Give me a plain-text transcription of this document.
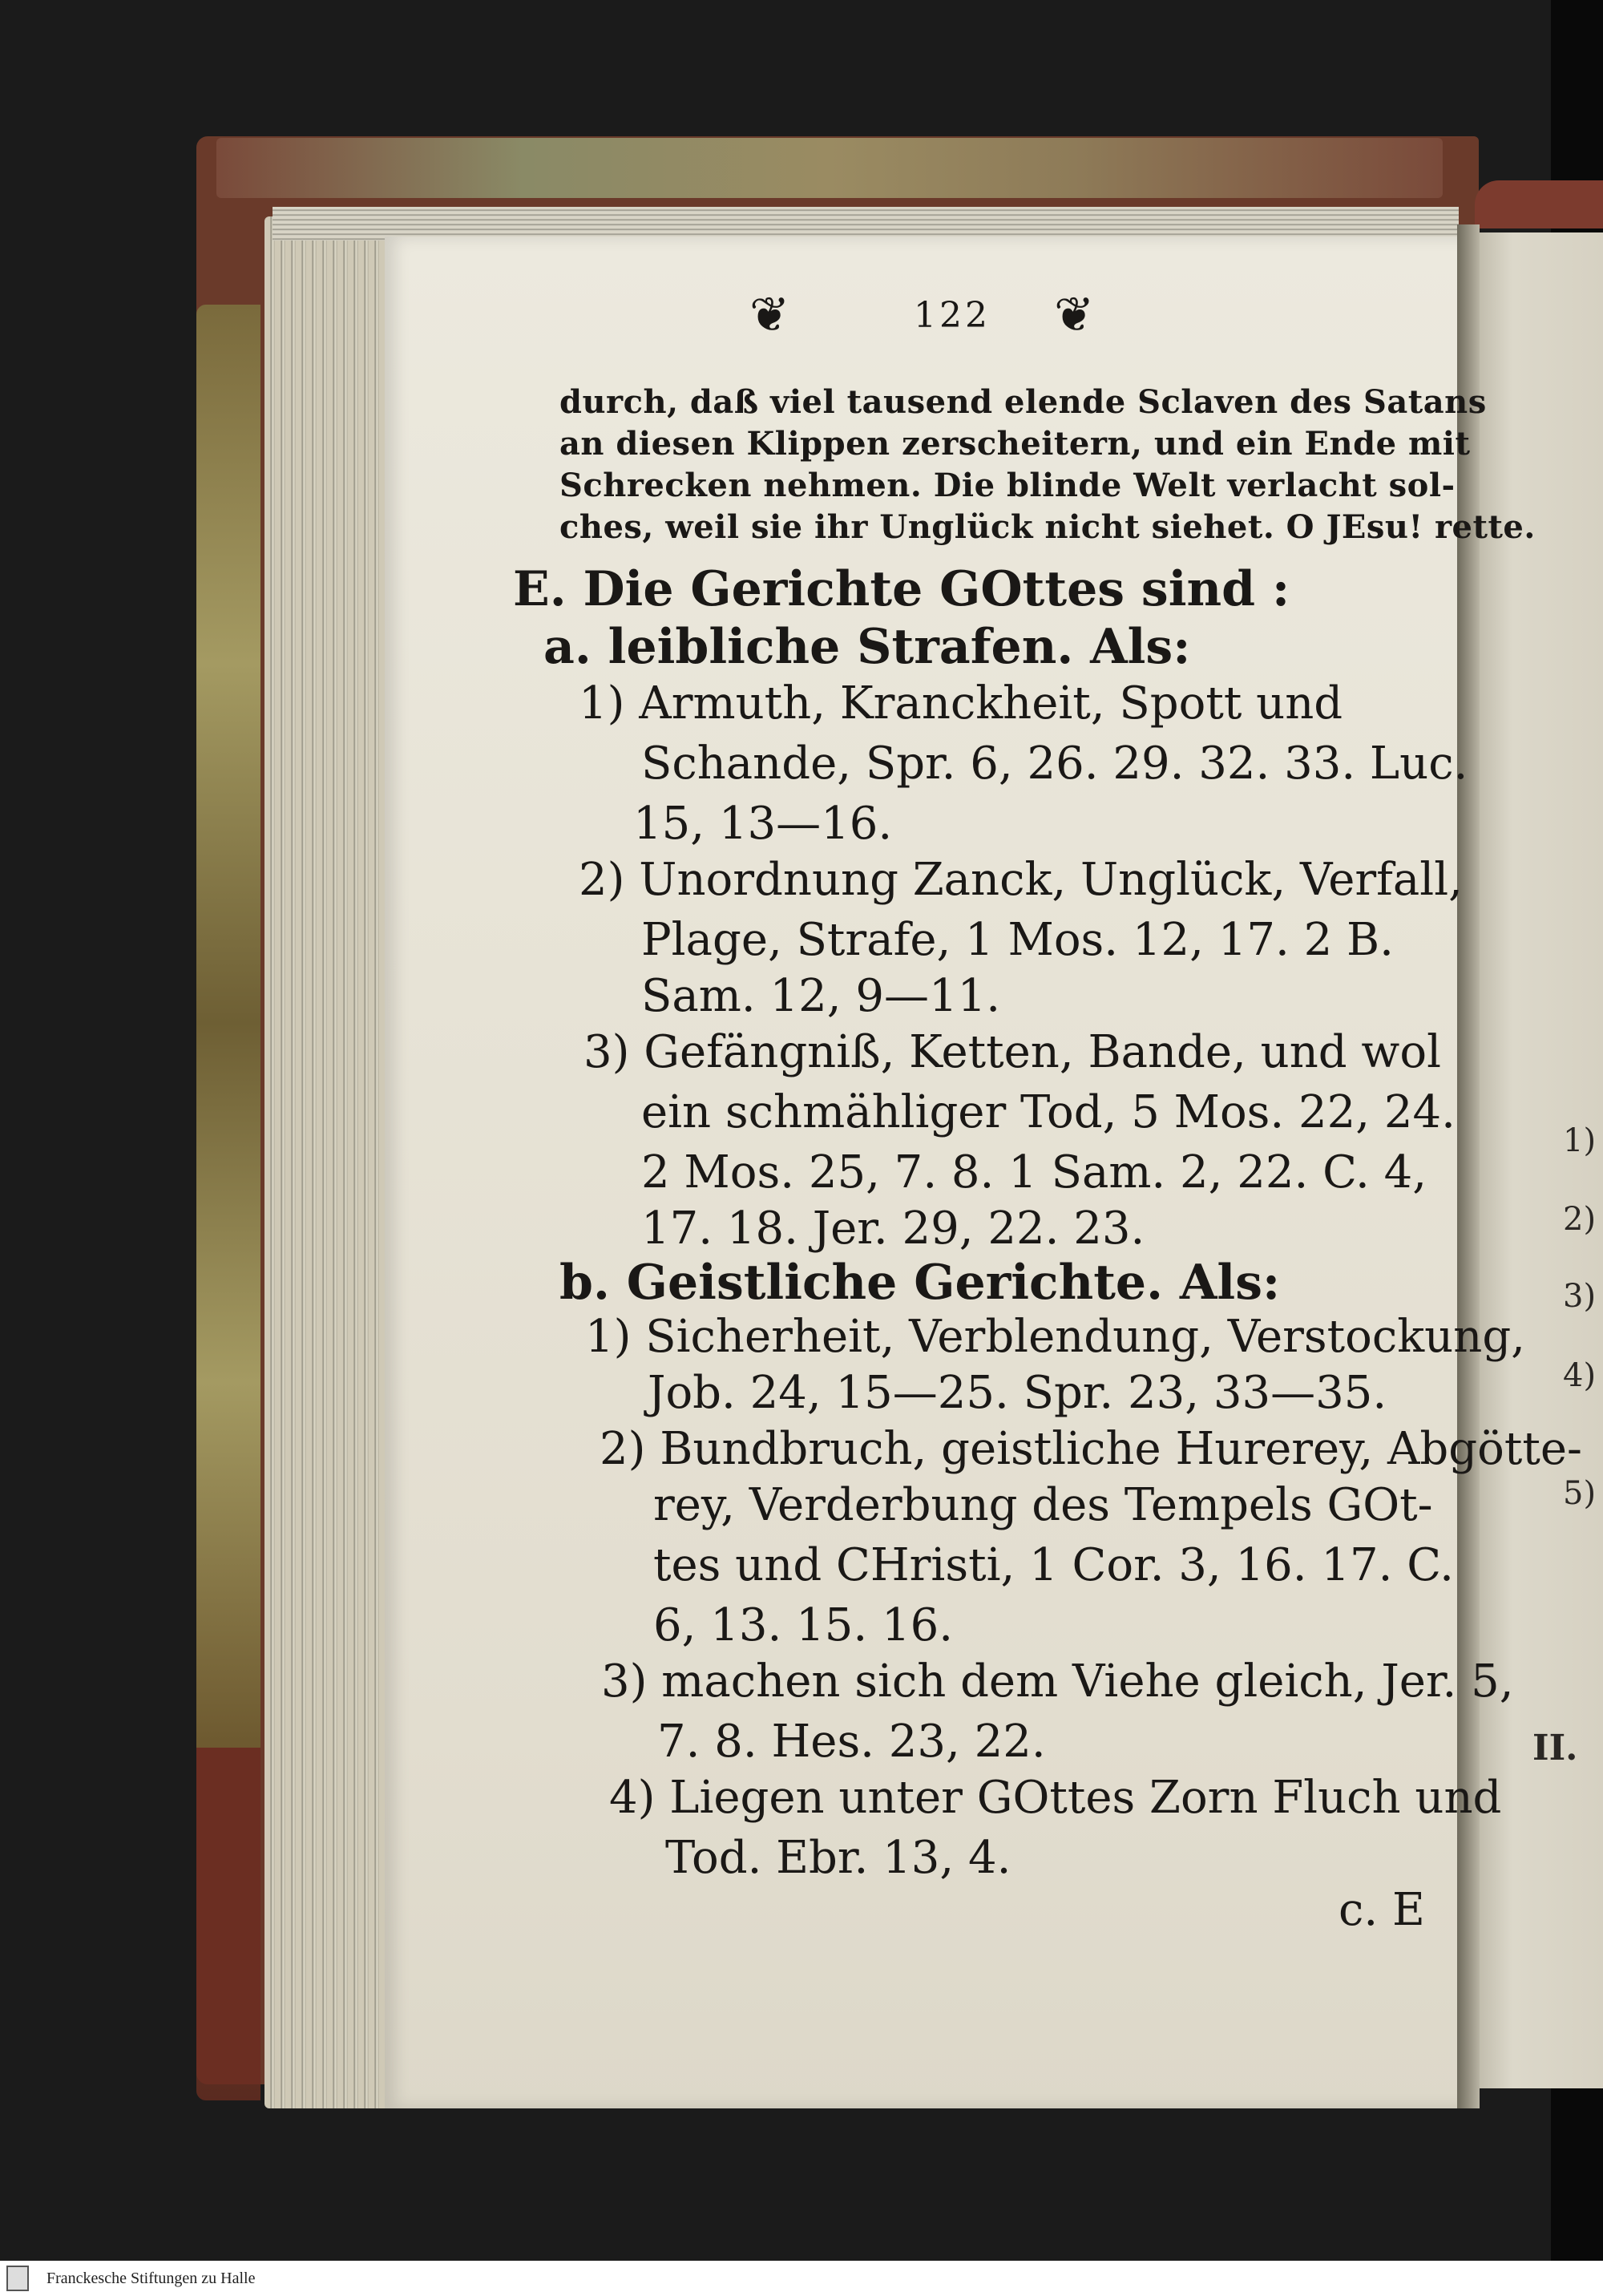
❦	122 ❦
durch, daß viel tausend elende Sclaven des Satans
an diesen Klippen zerscheitern, und ein Ende mit
Schrecken nehmen. Die blinde Welt verlacht sol-
ches, weil sie ihr Unglück nicht siehet. O JEsu! rette.
E. Die Gerichte GOttes sind :
a. leibliche Strafen. Als:
1) Armuth, Kranckheit, Spott und
Schande, Spr. 6, 26. 29. 32. 33. Luc.
15, 13—16.
2) Unordnung Zanck, Unglück, Verfall,
Plage, Strafe, 1 Mos. 12, 17. 2 B.
Sam. 12, 9—11.
3) Gefängniß, Ketten, Bande, und wol
ein schmähliger Tod, 5 Mos. 22, 24.
2 Mos. 25, 7. 8. 1 Sam. 2, 22. C. 4,
17. 18. Jer. 29, 22. 23.
b. Geistliche Gerichte. Als:
1) Sicherheit, Verblendung, Verstockung,
Job. 24, 15—25. Spr. 23, 33—35.
2) Bundbruch, geistliche Hurerey, Abgötte-
rey, Verderbung des Tempels GOt-
tes und CHristi, 1 Cor. 3, 16. 17. C.
6, 13. 15. 16.
3) machen sich dem Viehe gleich, Jer. 5,
7. 8. Hes. 23, 22.
4) Liegen unter GOttes Zorn Fluch und
Tod. Ebr. 13, 4.
c. E
1)
2)
3)
4)
5)
II.
Franckesche Stiftungen zu Halle
